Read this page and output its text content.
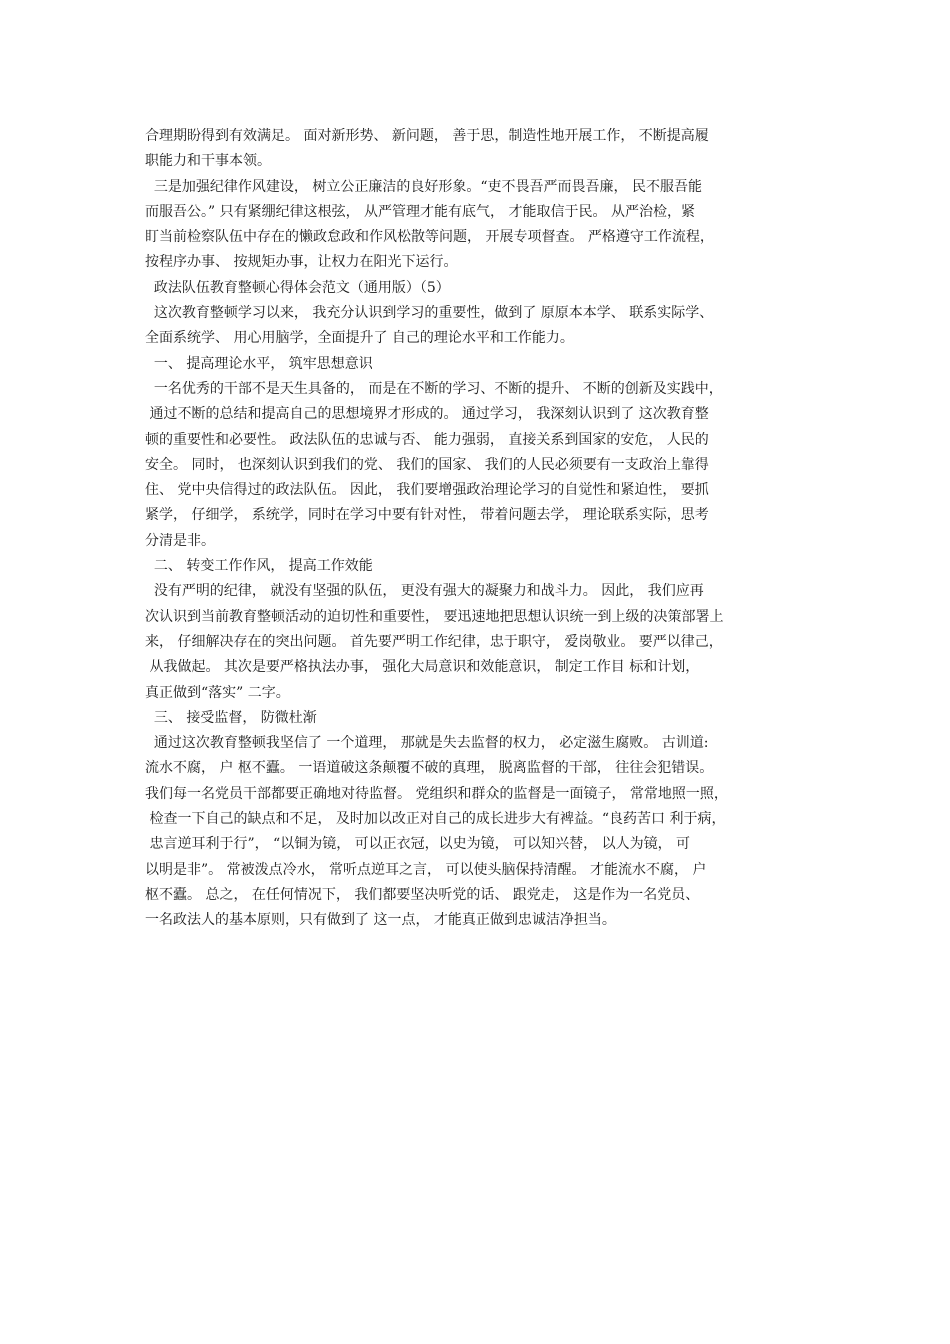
合理期盼得到有效满足。 面对新形势、 新问题， 善于思，制造性地开展工作， 不断提高履
职能力和干事本领。
三是加强纪律作风建设， 树立公正廉洁的良好形象。“吏不畏吾严而畏吾廉， 民不服吾能
而服吾公。” 只有紧绷纪律这根弦， 从严管理才能有底气， 才能取信于民。 从严治检，紧
盯当前检察队伍中存在的懒政怠政和作风松散等问题， 开展专项督查。 严格遵守工作流程，
按程序办事、 按规矩办事，让权力在阳光下运行。
政法队伍教育整顿心得体会范文（通用版）（5）
这次教育整顿学习以来， 我充分认识到学习的重要性，做到了 原原本本学、 联系实际学、
全面系统学、 用心用脑学，全面提升了 自己的理论水平和工作能力。
一、 提高理论水平， 筑牢思想意识
一名优秀的干部不是天生具备的， 而是在不断的学习、不断的提升、 不断的创新及实践中，
通过不断的总结和提高自己的思想境界才形成的。 通过学习， 我深刻认识到了 这次教育整
顿的重要性和必要性。 政法队伍的忠诚与否、 能力强弱， 直接关系到国家的安危， 人民的
安全。 同时， 也深刻认识到我们的党、 我们的国家、 我们的人民必须要有一支政治上靠得
住、 党中央信得过的政法队伍。 因此， 我们要增强政治理论学习的自觉性和紧迫性， 要抓
紧学， 仔细学， 系统学，同时在学习中要有针对性， 带着问题去学， 理论联系实际，思考
分清是非。
二、 转变工作作风， 提高工作效能
没有严明的纪律， 就没有坚强的队伍， 更没有强大的凝聚力和战斗力。 因此， 我们应再
次认识到当前教育整顿活动的迫切性和重要性， 要迅速地把思想认识统一到上级的决策部署上
来， 仔细解决存在的突出问题。 首先要严明工作纪律，忠于职守， 爱岗敬业。 要严以律己，
从我做起。 其次是要严格执法办事， 强化大局意识和效能意识， 制定工作目 标和计划，
真正做到“落实” 二字。
三、 接受监督， 防微杜渐
通过这次教育整顿我坚信了 一个道理， 那就是失去监督的权力， 必定滋生腐败。 古训道:
流水不腐， 户 枢不蠹。 一语道破这条颠覆不破的真理， 脱离监督的干部， 往往会犯错误。
我们每一名党员干部都要正确地对待监督。 党组织和群众的监督是一面镜子， 常常地照一照，
检查一下自己的缺点和不足， 及时加以改正对自己的成长进步大有裨益。“良药苦口 利于病，
忠言逆耳利于行”， “以铜为镜， 可以正衣冠，以史为镜， 可以知兴替， 以人为镜， 可
以明是非”。 常被泼点冷水， 常听点逆耳之言， 可以使头脑保持清醒。 才能流水不腐， 户
枢不蠹。 总之， 在任何情况下， 我们都要坚决听党的话、 跟党走， 这是作为一名党员、
一名政法人的基本原则，只有做到了 这一点， 才能真正做到忠诚洁净担当。
